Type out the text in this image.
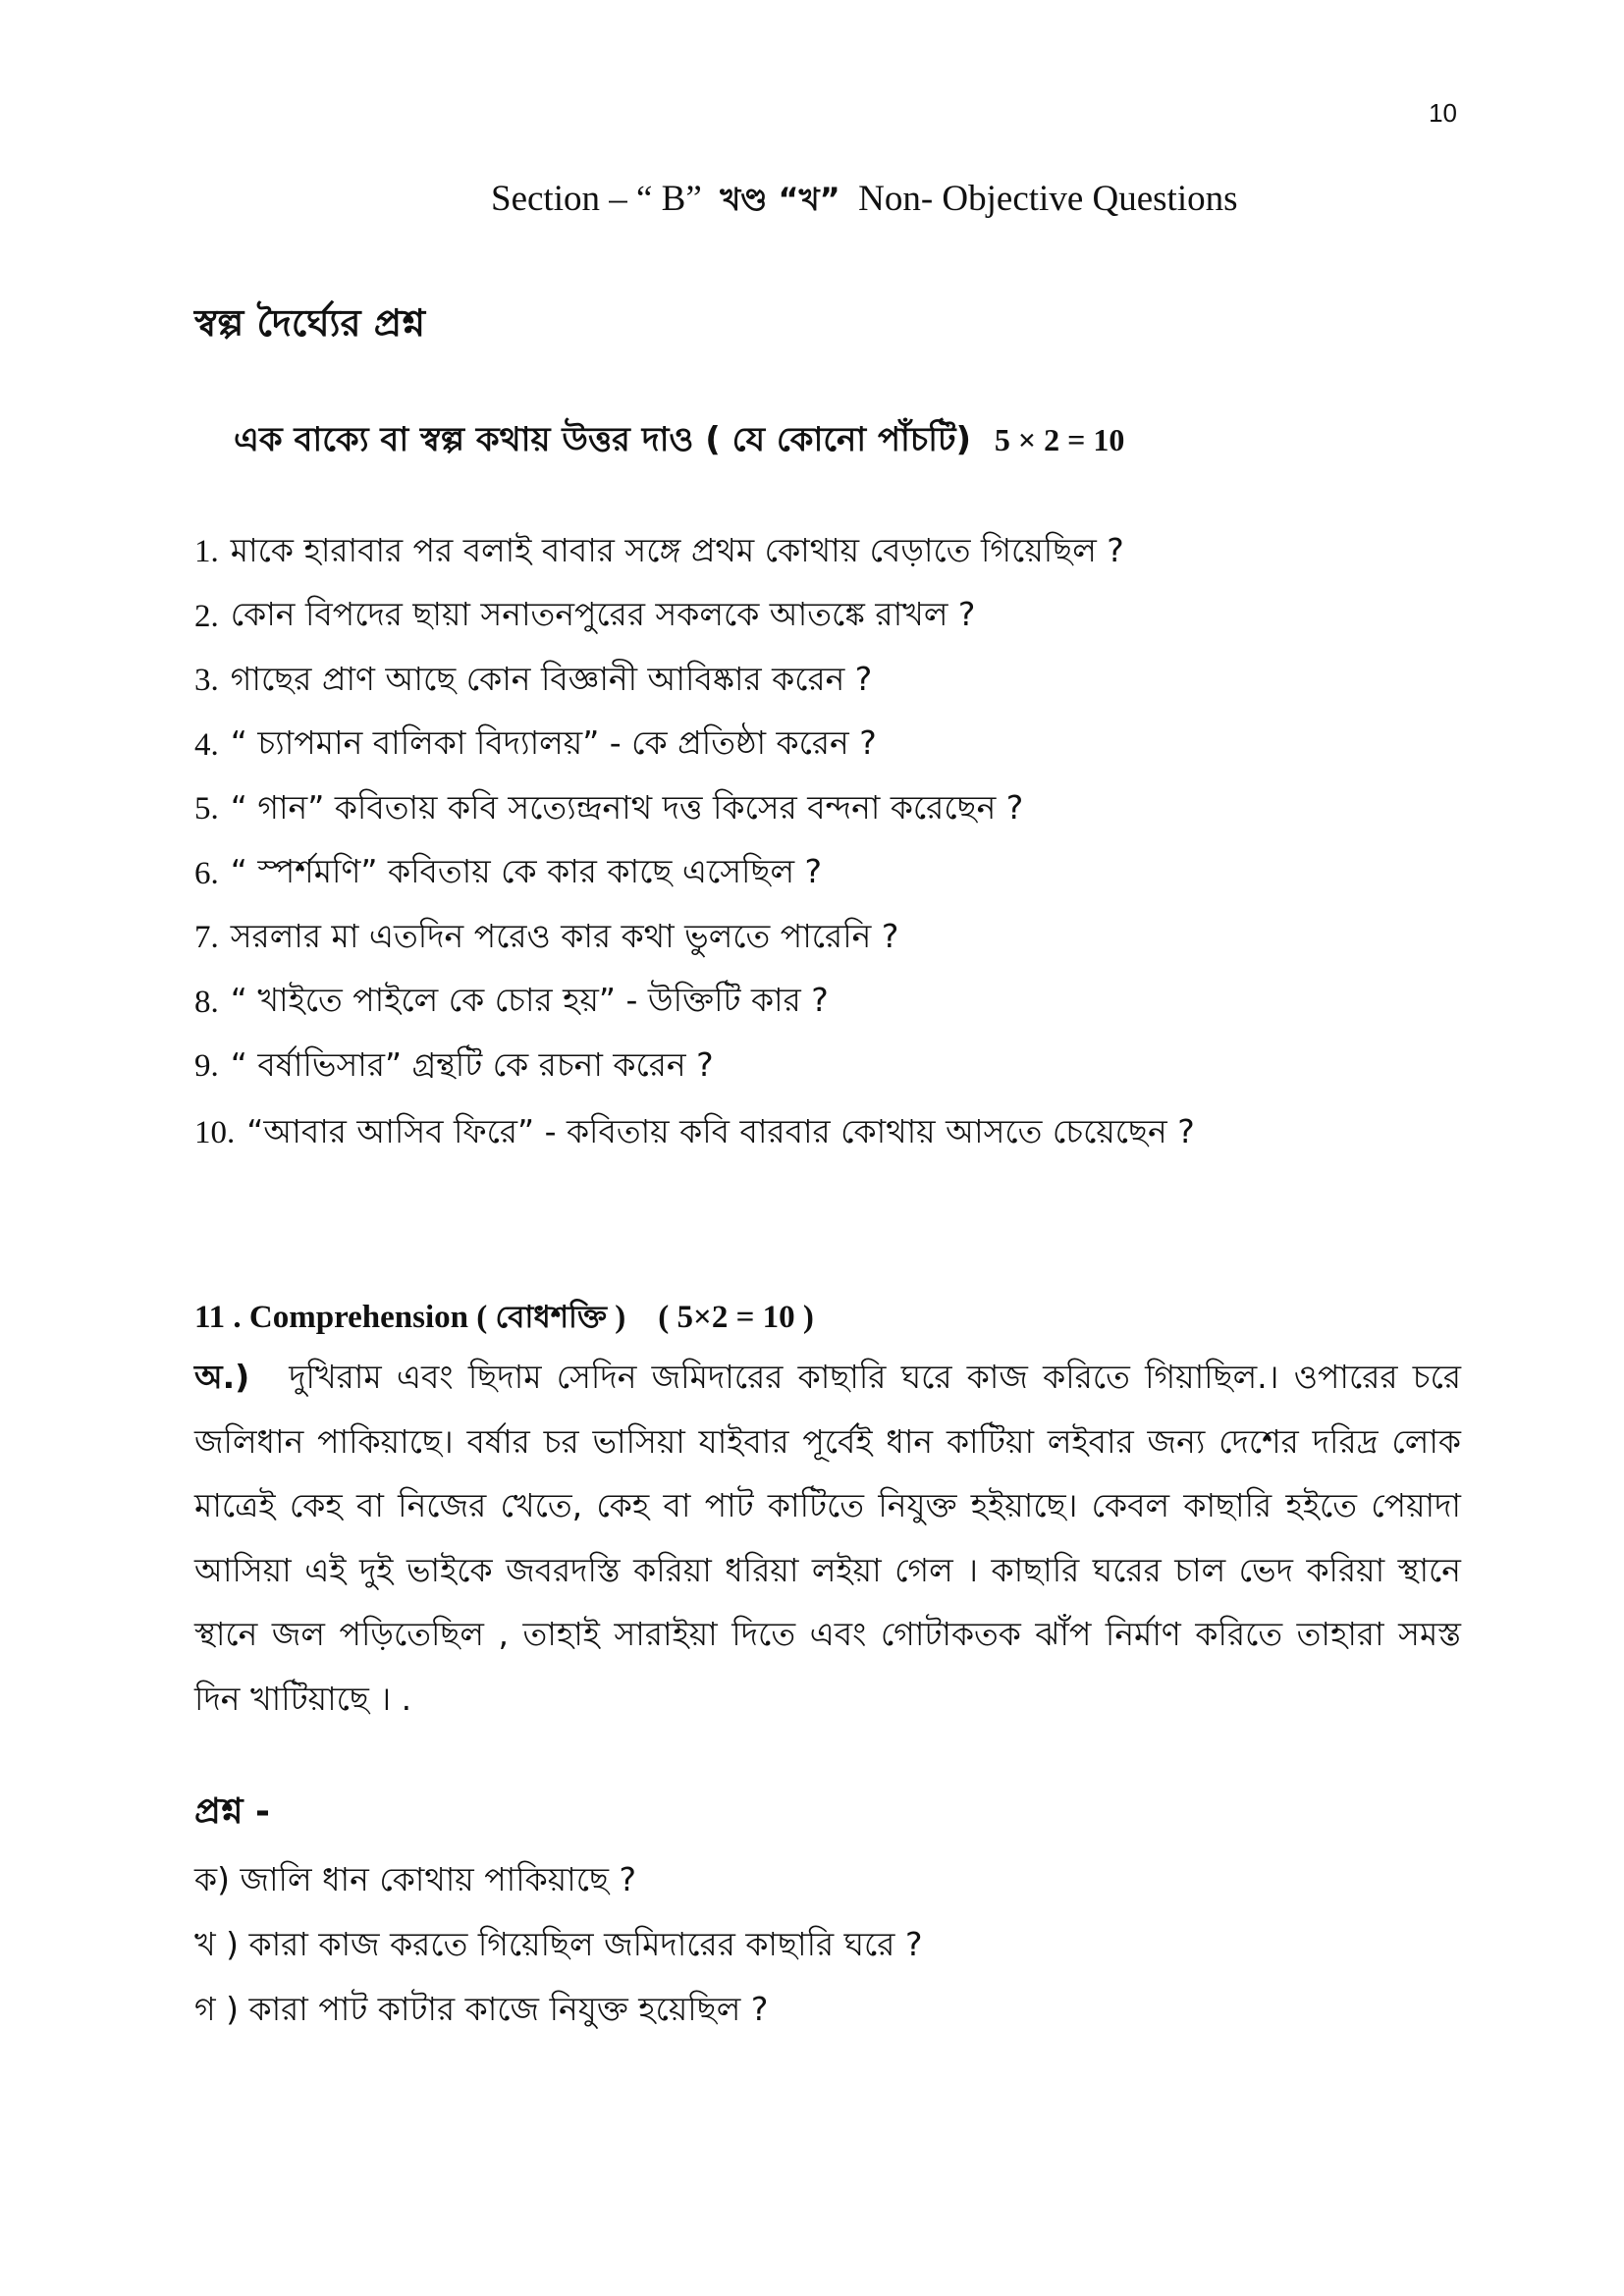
10
Section – “ B” খণ্ড “খ” Non- Objective Questions
স্বল্প দৈর্ঘ্যের প্রশ্ন
এক বাক্যে বা স্বল্প কথায় উত্তর দাও ( যে কোনো পাঁচটি) 5 × 2 = 10
1. মাকে হারাবার পর বলাই বাবার সঙ্গে প্রথম কোথায় বেড়াতে গিয়েছিল ?
2. কোন বিপদের ছায়া সনাতনপুরের সকলকে আতঙ্কে রাখল ?
3. গাছের প্রাণ আছে কোন বিজ্ঞানী আবিষ্কার করেন ?
4. “ চ্যাপমান বালিকা বিদ্যালয়” - কে প্রতিষ্ঠা করেন ?
5. “ গান” কবিতায় কবি সত্যেন্দ্রনাথ দত্ত কিসের বন্দনা করেছেন ?
6. “ স্পর্শমণি” কবিতায় কে কার কাছে এসেছিল ?
7. সরলার মা এতদিন পরেও কার কথা ভুলতে পারেনি ?
8. “ খাইতে পাইলে কে চোর হয়” - উক্তিটি কার ?
9. “ বর্ষাভিসার” গ্রন্থটি কে রচনা করেন ?
10. “আবার আসিব ফিরে” - কবিতায় কবি বারবার কোথায় আসতে চেয়েছেন ?
11 . Comprehension ( বোধশক্তি ) ( 5×2 = 10 )
অ.) দুখিরাম এবং ছিদাম সেদিন জমিদারের কাছারি ঘরে কাজ করিতে গিয়াছিল.। ওপারের চরে জলিধান পাকিয়াছে। বর্ষার চর ভাসিয়া যাইবার পূর্বেই ধান কাটিয়া লইবার জন্য দেশের দরিদ্র লোক মাত্রেই কেহ বা নিজের খেতে, কেহ বা পাট কাটিতে নিযুক্ত হইয়াছে। কেবল কাছারি হইতে পেয়াদা আসিয়া এই দুই ভাইকে জবরদস্তি করিয়া ধরিয়া লইয়া গেল । কাছারি ঘরের চাল ভেদ করিয়া স্থানে স্থানে জল পড়িতেছিল , তাহাই সারাইয়া দিতে এবং গোটাকতক ঝাঁপ নির্মাণ করিতে তাহারা সমস্ত দিন খাটিয়াছে । .
প্রশ্ন -
ক) জালি ধান কোথায় পাকিয়াছে ?
খ ) কারা কাজ করতে গিয়েছিল জমিদারের কাছারি ঘরে ?
গ ) কারা পাট কাটার কাজে নিযুক্ত হয়েছিল ?
